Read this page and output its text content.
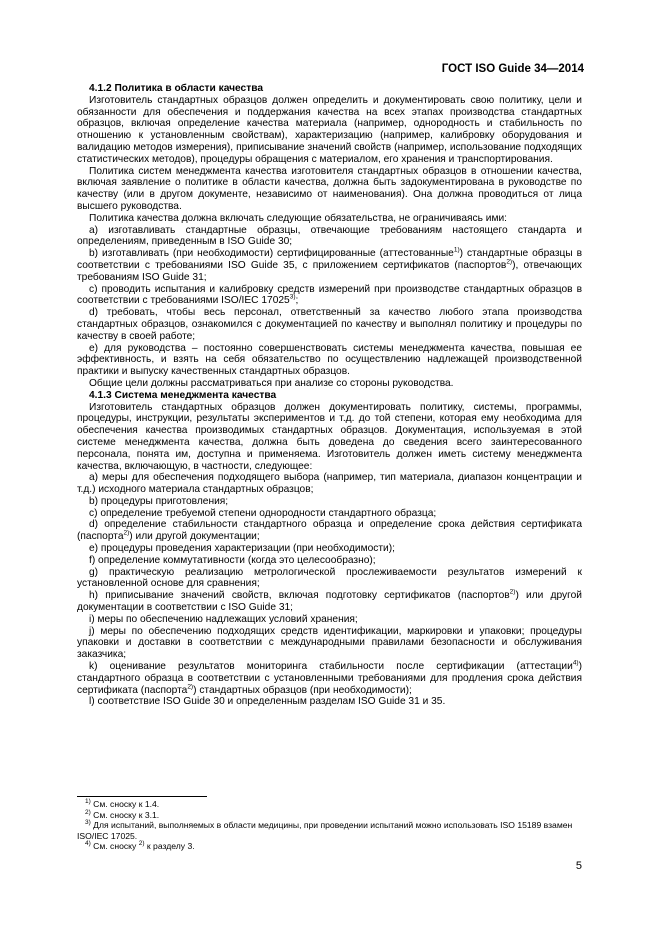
ГОСТ ISO Guide 34—2014

4.1.2 Политика в области качества

Изготовитель стандартных образцов должен определить и документировать свою политику, цели и обязанности для обеспечения и поддержания качества на всех этапах производства стандартных образцов, включая определение качества материала (например, однородность и стабильность по отношению к установленным свойствам), характеризацию (например, калибровку оборудования и валидацию методов измерения), приписывание значений свойств (например, использование подходящих статистических методов), процедуры обращения с материалом, его хранения и транспортирования.

Политика систем менеджмента качества изготовителя стандартных образцов в отношении качества, включая заявление о политике в области качества, должна быть задокументирована в руководстве по качеству (или в другом документе, независимо от наименования). Она должна проводиться от лица высшего руководства.

Политика качества должна включать следующие обязательства, не ограничиваясь ими:

a) изготавливать стандартные образцы, отвечающие требованиям настоящего стандарта и определениям, приведенным в ISO Guide 30;

b) изготавливать (при необходимости) сертифицированные (аттестованные$^{1)}$) стандартные образцы в соответствии с требованиями ISO Guide 35, с приложением сертификатов (паспортов$^{2)}$), отвечающих требованиям ISO Guide 31;

c) проводить испытания и калибровку средств измерений при производстве стандартных образцов в соответствии с требованиями ISO/IEC 17025$^{3)}$;

d) требовать, чтобы весь персонал, ответственный за качество любого этапа производства стандартных образцов, ознакомился с документацией по качеству и выполнял политику и процедуры по качеству в своей работе;

e) для руководства – постоянно совершенствовать системы менеджмента качества, повышая ее эффективность, и взять на себя обязательство по осуществлению надлежащей производственной практики и выпуску качественных стандартных образцов.

Общие цели должны рассматриваться при анализе со стороны руководства.

4.1.3 Система менеджмента качества

Изготовитель стандартных образцов должен документировать политику, системы, программы, процедуры, инструкции, результаты экспериментов и т.д. до той степени, которая ему необходима для обеспечения качества производимых стандартных образцов. Документация, используемая в этой системе менеджмента качества, должна быть доведена до сведения всего заинтересованного персонала, понята им, доступна и применяема. Изготовитель должен иметь систему менеджмента качества, включающую, в частности, следующее:

a) меры для обеспечения подходящего выбора (например, тип материала, диапазон концентрации и т.д.) исходного материала стандартных образцов;

b) процедуры приготовления;

c) определение требуемой степени однородности стандартного образца;

d) определение стабильности стандартного образца и определение срока действия сертификата (паспорта$^{2)}$) или другой документации;

e) процедуры проведения характеризации (при необходимости);

f) определение коммутативности (когда это целесообразно);

g) практическую реализацию метрологической прослеживаемости результатов измерений к установленной основе для сравнения;

h) приписывание значений свойств, включая подготовку сертификатов (паспортов$^{2)}$) или другой документации в соответствии с ISO Guide 31;

i) меры по обеспечению надлежащих условий хранения;

j) меры по обеспечению подходящих средств идентификации, маркировки и упаковки; процедуры упаковки и доставки в соответствии с международными правилами безопасности и обслуживания заказчика;

k) оценивание результатов мониторинга стабильности после сертификации (аттестации$^{4)}$) стандартного образца в соответствии с установленными требованиями для продления срока действия сертификата (паспорта$^{2)}$) стандартных образцов (при необходимости);

l) соответствие ISO Guide 30 и определенным разделам ISO Guide 31 и 35.

$^{1)}$ См. сноску к 1.4.

$^{2)}$ См. сноску к 3.1.

$^{3)}$ Для испытаний, выполняемых в области медицины, при проведении испытаний можно использовать ISO 15189 взамен ISO/IEC 17025.

$^{4)}$ См. сноску $^{2)}$ к разделу 3.

5
